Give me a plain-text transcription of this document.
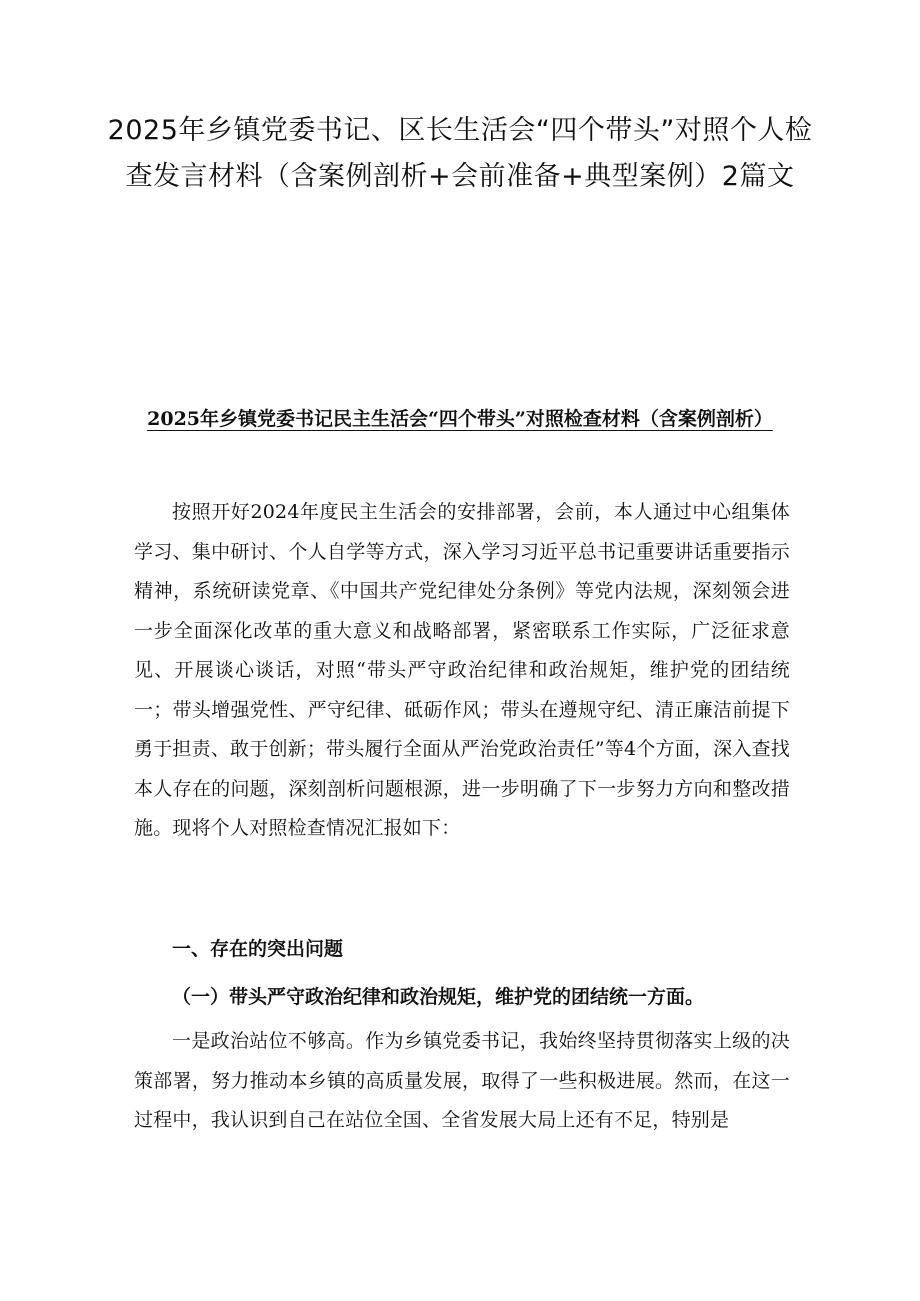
2025年乡镇党委书记、区长生活会“四个带头”对照个人检查发言材料（含案例剖析+会前准备+典型案例）2篇文
2025年乡镇党委书记民主生活会“四个带头”对照检查材料（含案例剖析）

按照开好2024年度民主生活会的安排部署，会前，本人通过中心组集体学习、集中研讨、个人自学等方式，深入学习习近平总书记重要讲话重要指示精神，系统研读党章、《中国共产党纪律处分条例》等党内法规，深刻领会进一步全面深化改革的重大意义和战略部署，紧密联系工作实际，广泛征求意见、开展谈心谈话，对照“带头严守政治纪律和政治规矩，维护党的团结统一；带头增强党性、严守纪律、砥砺作风；带头在遵规守纪、清正廉洁前提下勇于担责、敢于创新；带头履行全面从严治党政治责任”等4个方面，深入查找本人存在的问题，深刻剖析问题根源，进一步明确了下一步努力方向和整改措施。现将个人对照检查情况汇报如下：

一、存在的突出问题
（一）带头严守政治纪律和政治规矩，维护党的团结统一方面。

一是政治站位不够高。作为乡镇党委书记，我始终坚持贯彻落实上级的决策部署，努力推动本乡镇的高质量发展，取得了一些积极进展。然而，在这一过程中，我认识到自己在站位全国、全省发展大局上还有不足，特别是
